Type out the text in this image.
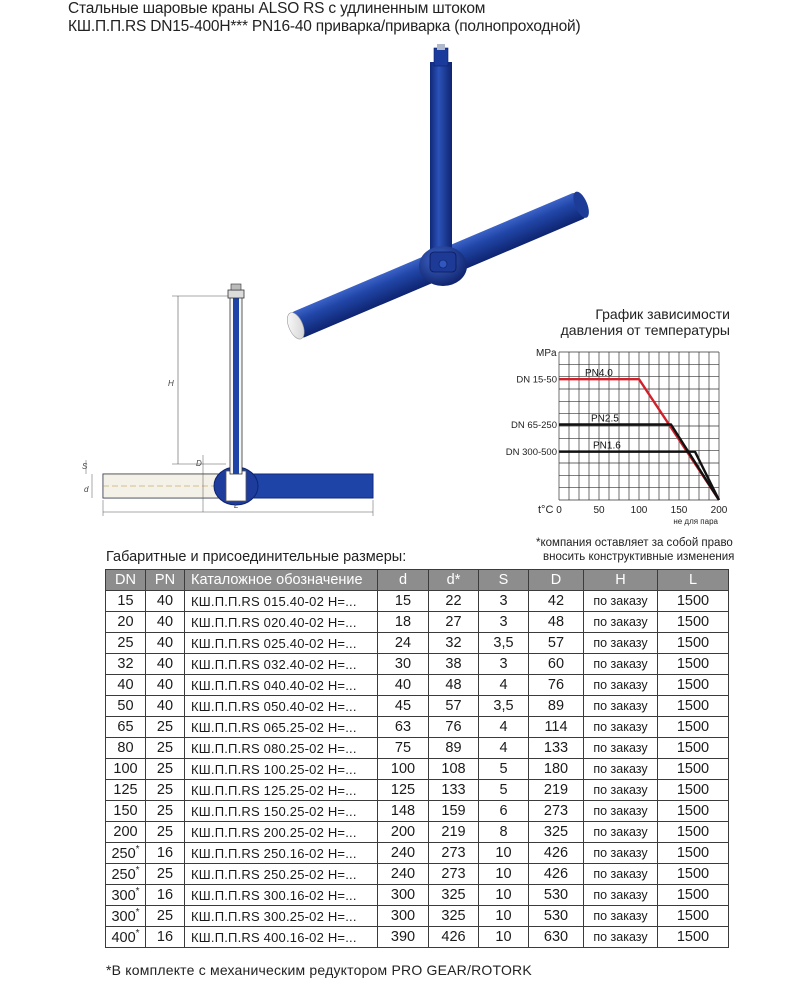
Стальные шаровые краны ALSO RS с удлиненным штоком
КШ.П.П.RS DN15-400Н*** PN16-40 приварка/приварка (полнопроходной)
H
D
d
S
L
График зависимости
давления от температуры
MPa
DN 15-50
PN4.0
DN 65-250
PN2.5
DN 300-500
PN1.6
t°C 0	50	100 150 200
не для пара
*компания оставляет за собой право
вносить конструктивные изменения
Габаритные и присоединительные размеры:
DN	PN	Каталожное обозначение	d	d*	S	D	H	L
15	40	КШ.П.П.RS 015.40-02 Н=...	15	22	3	42	по заказу	1500
20	40	КШ.П.П.RS 020.40-02 Н=...	18	27	3	48	по заказу	1500
25	40	КШ.П.П.RS 025.40-02 Н=...	24	32	3,5	57	по заказу	1500
32	40	КШ.П.П.RS 032.40-02 Н=...	30	38	3	60	по заказу	1500
40	40	КШ.П.П.RS 040.40-02 Н=...	40	48	4	76	по заказу	1500
50	40	КШ.П.П.RS 050.40-02 Н=...	45	57	3,5	89	по заказу	1500
65	25	КШ.П.П.RS 065.25-02 Н=...	63	76	4	114	по заказу	1500
80	25	КШ.П.П.RS 080.25-02 Н=...	75	89	4	133	по заказу	1500
100	25	КШ.П.П.RS 100.25-02 Н=...	100	108	5	180	по заказу	1500
125	25	КШ.П.П.RS 125.25-02 Н=...	125	133	5	219	по заказу	1500
150	25	КШ.П.П.RS 150.25-02 Н=...	148	159	6	273	по заказу	1500
200	25	КШ.П.П.RS 200.25-02 Н=...	200	219	8	325	по заказу	1500
250*	16	КШ.П.П.RS 250.16-02 Н=...	240	273	10	426	по заказу	1500
250*	25	КШ.П.П.RS 250.25-02 Н=...	240	273	10	426	по заказу	1500
300*	16	КШ.П.П.RS 300.16-02 Н=...	300	325	10	530	по заказу	1500
300*	25	КШ.П.П.RS 300.25-02 Н=...	300	325	10	530	по заказу	1500
400*	16	КШ.П.П.RS 400.16-02 Н=...	390	426	10	630	по заказу	1500
*В комплекте с механическим редуктором PRO GEAR/ROTORK
